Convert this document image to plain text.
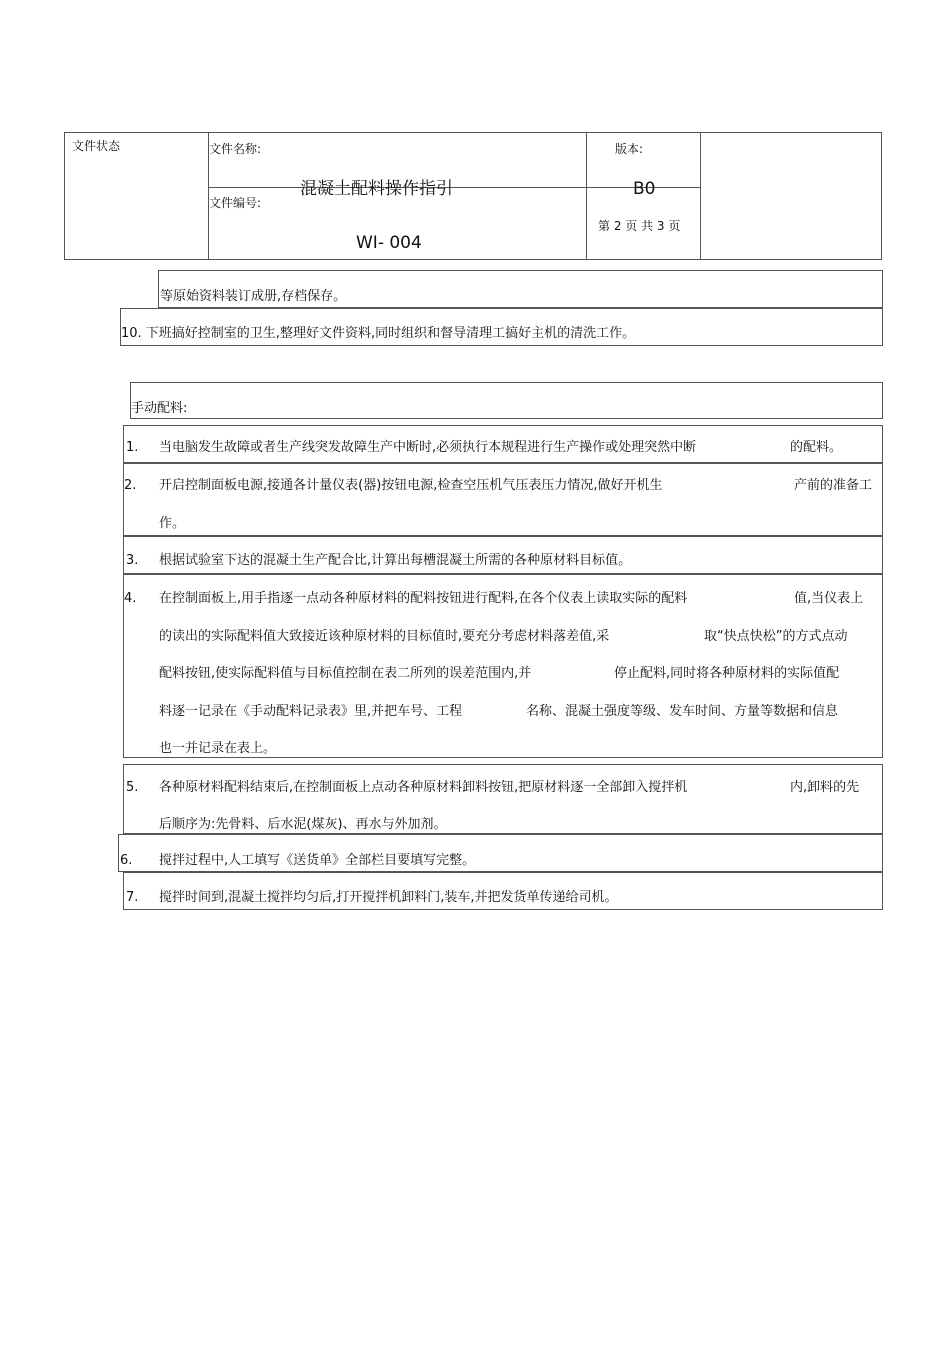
文件状态	文件名称:
混凝土配料操作指引
文件编号:
WI- 004
版本:
B0
第 2 页 共 3 页
等原始资料装订成册,存档保存。
10. 下班搞好控制室的卫生,整理好文件资料,同时组织和督导清理工搞好主机的清洗工作。
手动配料:
1. 当电脑发生故障或者生产线突发故障生产中断时,必须执行本规程进行生产操作或处理突然中断	的配料。
2. 开启控制面板电源,接通各计量仪表(器)按钮电源,检查空压机气压表压力情况,做好开机生	产前的准备工
作。
3. 根据试验室下达的混凝土生产配合比,计算出每槽混凝土所需的各种原材料目标值。
4. 在控制面板上,用手指逐一点动各种原材料的配料按钮进行配料,在各个仪表上读取实际的配料	值,当仪表上
的读出的实际配料值大致接近该种原材料的目标值时,要充分考虑材料落差值,采	取“快点快松”的方式点动
配料按钮,使实际配料值与目标值控制在表二所列的误差范围内,并	停止配料,同时将各种原材料的实际值配
料逐一记录在《手动配料记录表》里,并把车号、工程	名称、混凝土强度等级、发车时间、方量等数据和信息
也一并记录在表上。
5. 各种原材料配料结束后,在控制面板上点动各种原材料卸料按钮,把原材料逐一全部卸入搅拌机	内,卸料的先
后顺序为:先骨料、后水泥(煤灰)、再水与外加剂。
6. 搅拌过程中,人工填写《送货单》全部栏目要填写完整。
7. 搅拌时间到,混凝土搅拌均匀后,打开搅拌机卸料门,装车,并把发货单传递给司机。
